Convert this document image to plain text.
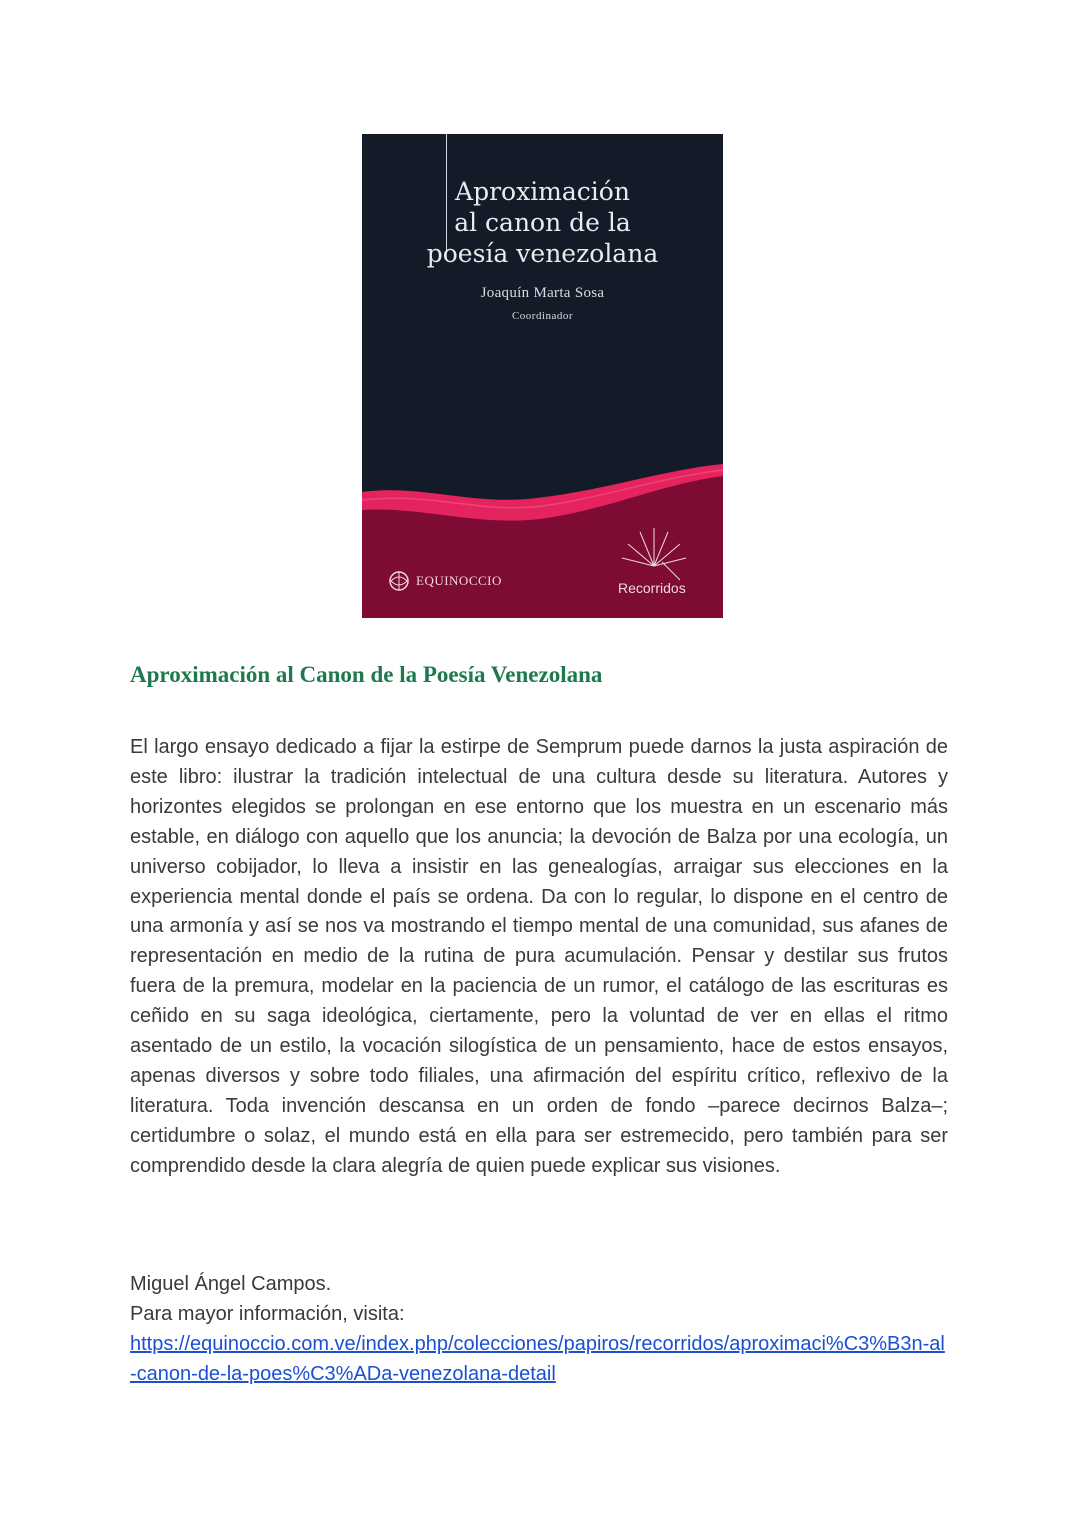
Aproximación
al canon de la
poesía venezolana
Joaquín Marta Sosa
Coordinador
EQUINOCCIO	Recorridos
Aproximación al Canon de la Poesía Venezolana

El largo ensayo dedicado a fijar la estirpe de Semprum puede darnos la justa aspiración de este libro: ilustrar la tradición intelectual de una cultura desde su literatura. Autores y horizontes elegidos se prolongan en ese entorno que los muestra en un escenario más estable, en diálogo con aquello que los anuncia; la devoción de Balza por una ecología, un universo cobijador, lo lleva a insistir en las genealogías, arraigar sus elecciones en la experiencia mental donde el país se ordena. Da con lo regular, lo dispone en el centro de una armonía y así se nos va mostrando el tiempo mental de una comunidad, sus afanes de representación en medio de la rutina de pura acumulación. Pensar y destilar sus frutos fuera de la premura, modelar en la paciencia de un rumor, el catálogo de las escrituras es ceñido en su saga ideológica, ciertamente, pero la voluntad de ver en ellas el ritmo asentado de un estilo, la vocación silogística de un pensamiento, hace de estos ensayos, apenas diversos y sobre todo filiales, una afirmación del espíritu crítico, reflexivo de la literatura. Toda invención descansa en un orden de fondo –parece decirnos Balza–; certidumbre o solaz, el mundo está en ella para ser estremecido, pero también para ser comprendido desde la clara alegría de quien puede explicar sus visiones.

Miguel Ángel Campos.

Para mayor información, visita:

https://equinoccio.com.ve/index.php/colecciones/papiros/recorridos/aproximaci%C3%B3n-al-canon-de-la-poes%C3%ADa-venezolana-detail
